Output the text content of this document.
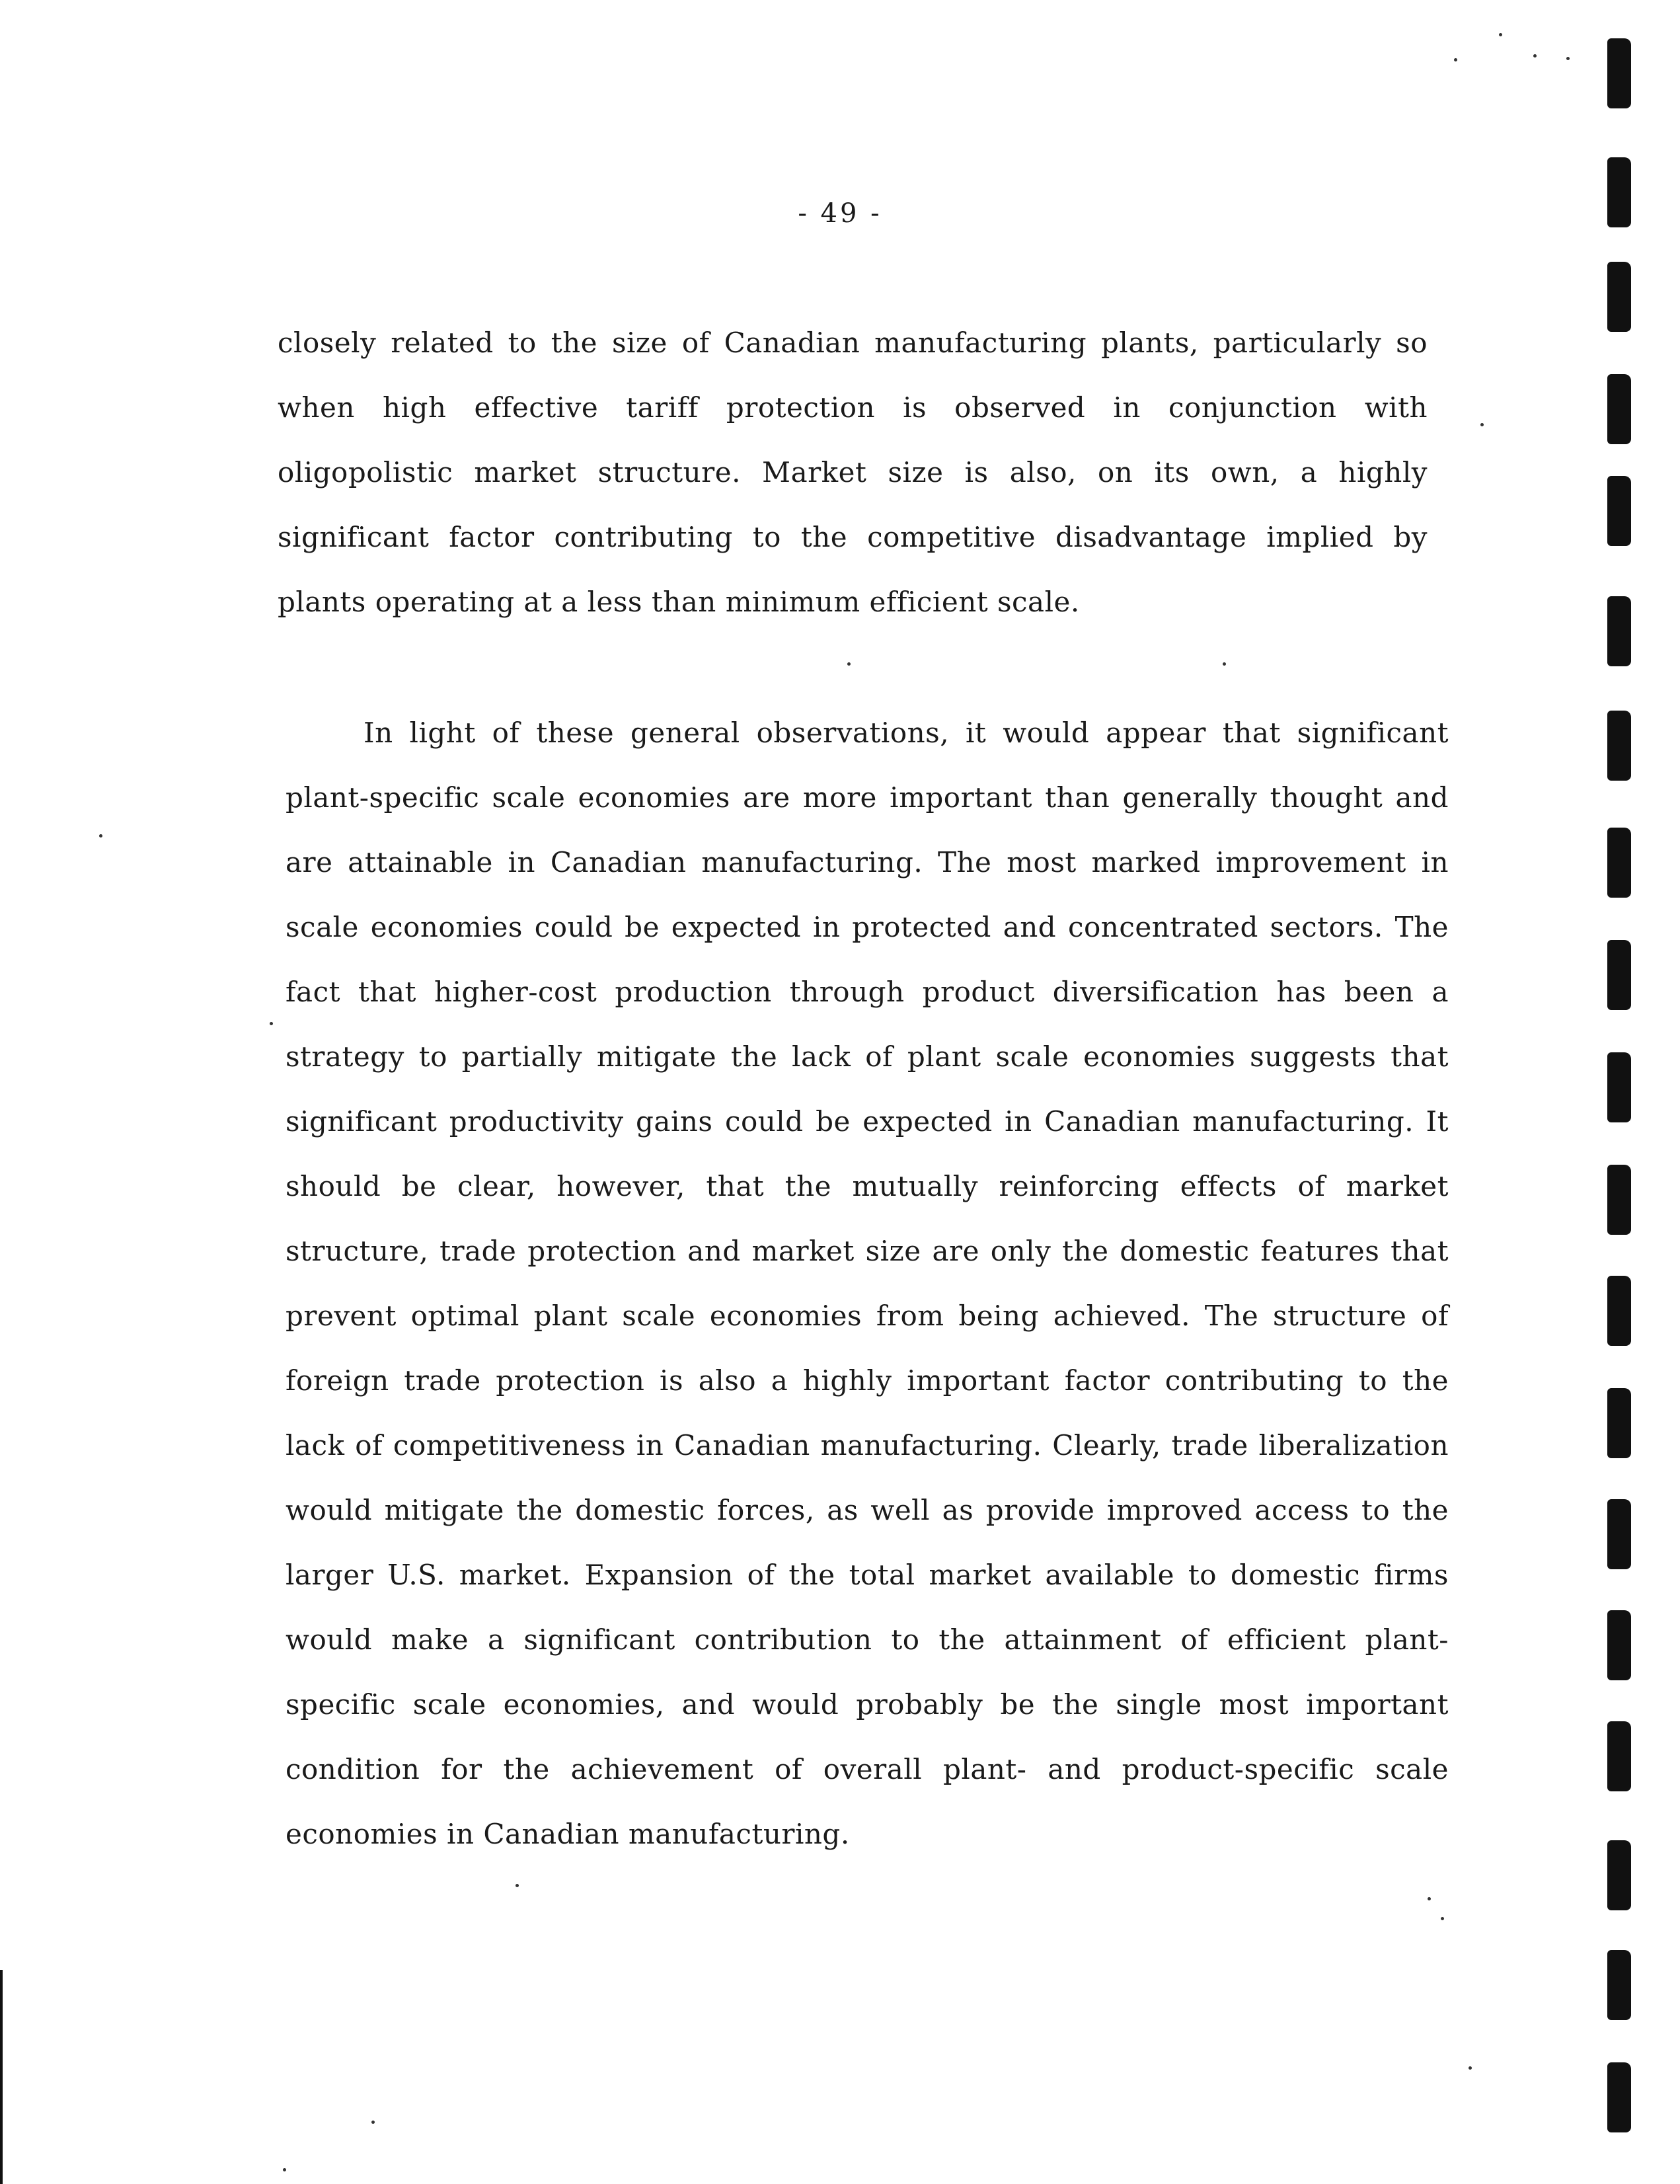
- 49 -
closely related to the size of Canadian manufacturing plants, particularly so when high effective tariff protection is observed in conjunction with oligopolistic market structure. Market size is also, on its own, a highly significant factor contributing to the competitive disadvantage implied by plants operating at a less than minimum efficient scale.
In light of these general observations, it would appear that significant plant-specific scale economies are more important than generally thought and are attainable in Canadian manufacturing. The most marked improvement in scale economies could be expected in protected and concentrated sectors. The fact that higher-cost production through product diversification has been a strategy to partially mitigate the lack of plant scale economies suggests that significant productivity gains could be expected in Canadian manufacturing. It should be clear, however, that the mutually reinforcing effects of market structure, trade protection and market size are only the domestic features that prevent optimal plant scale economies from being achieved. The structure of foreign trade protection is also a highly important factor contributing to the lack of competitiveness in Canadian manufacturing. Clearly, trade liberalization would mitigate the domestic forces, as well as provide improved access to the larger U.S. market. Expansion of the total market available to domestic firms would make a significant contribution to the attainment of efficient plant-specific scale economies, and would probably be the single most important condition for the achievement of overall plant- and product-specific scale economies in Canadian manufacturing.
